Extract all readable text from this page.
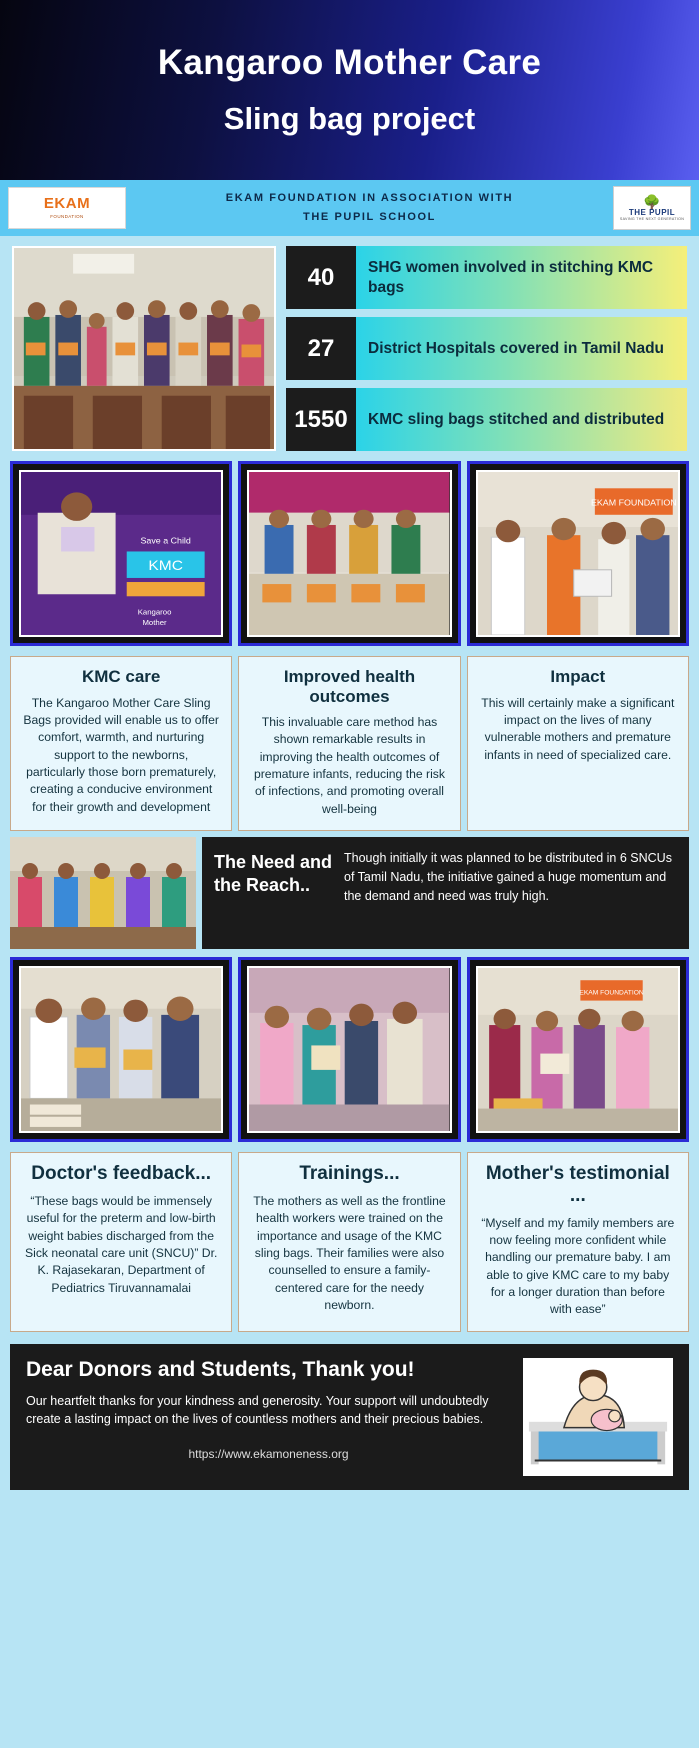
Kangaroo Mother Care
Sling bag project
EKAM
FOUNDATION
EKAM FOUNDATION IN ASSOCIATION WITH
THE PUPIL SCHOOL
🌳
THE PUPIL
SAVING THE NEXT GENERATION
40	SHG women involved in stitching KMC bags
27	District Hospitals covered in Tamil Nadu
1550	KMC sling bags stitched and distributed
KMC
Save a Child
Kangaroo
Mother
EKAM FOUNDATION
KMC care

The Kangaroo Mother Care Sling Bags provided will enable us to offer comfort, warmth, and nurturing support to the newborns, particularly those born prematurely, creating a conducive environment for their growth and development

Improved health outcomes

This invaluable care method has shown remarkable results in improving the health outcomes of premature infants, reducing the risk of infections, and promoting overall well-being

Impact

This will certainly make a significant impact on the lives of many vulnerable mothers and premature infants in need of specialized care.

The Need and the Reach..
Though initially it was planned to be distributed in 6 SNCUs of Tamil Nadu, the initiative gained a huge momentum and the demand and need was truly high.
EKAM FOUNDATION
Doctor's feedback...

“These bags would be immensely useful for the preterm and low-birth weight babies discharged from the Sick neonatal care unit (SNCU)” Dr. K. Rajasekaran, Department of Pediatrics Tiruvannamalai

Trainings...

The mothers as well as the frontline health workers were trained on the importance and usage of the KMC sling bags. Their families were also counselled to ensure a family-centered care for the needy newborn.

Mother's testimonial ...

“Myself and my family members are now feeling more confident while handling our premature baby. I am able to give KMC care to my baby for a longer duration than before with ease”

Dear Donors and Students, Thank you!

Our heartfelt thanks for your kindness and generosity. Your support will undoubtedly create a lasting impact on the lives of countless mothers and their precious babies.

https://www.ekamoneness.org
